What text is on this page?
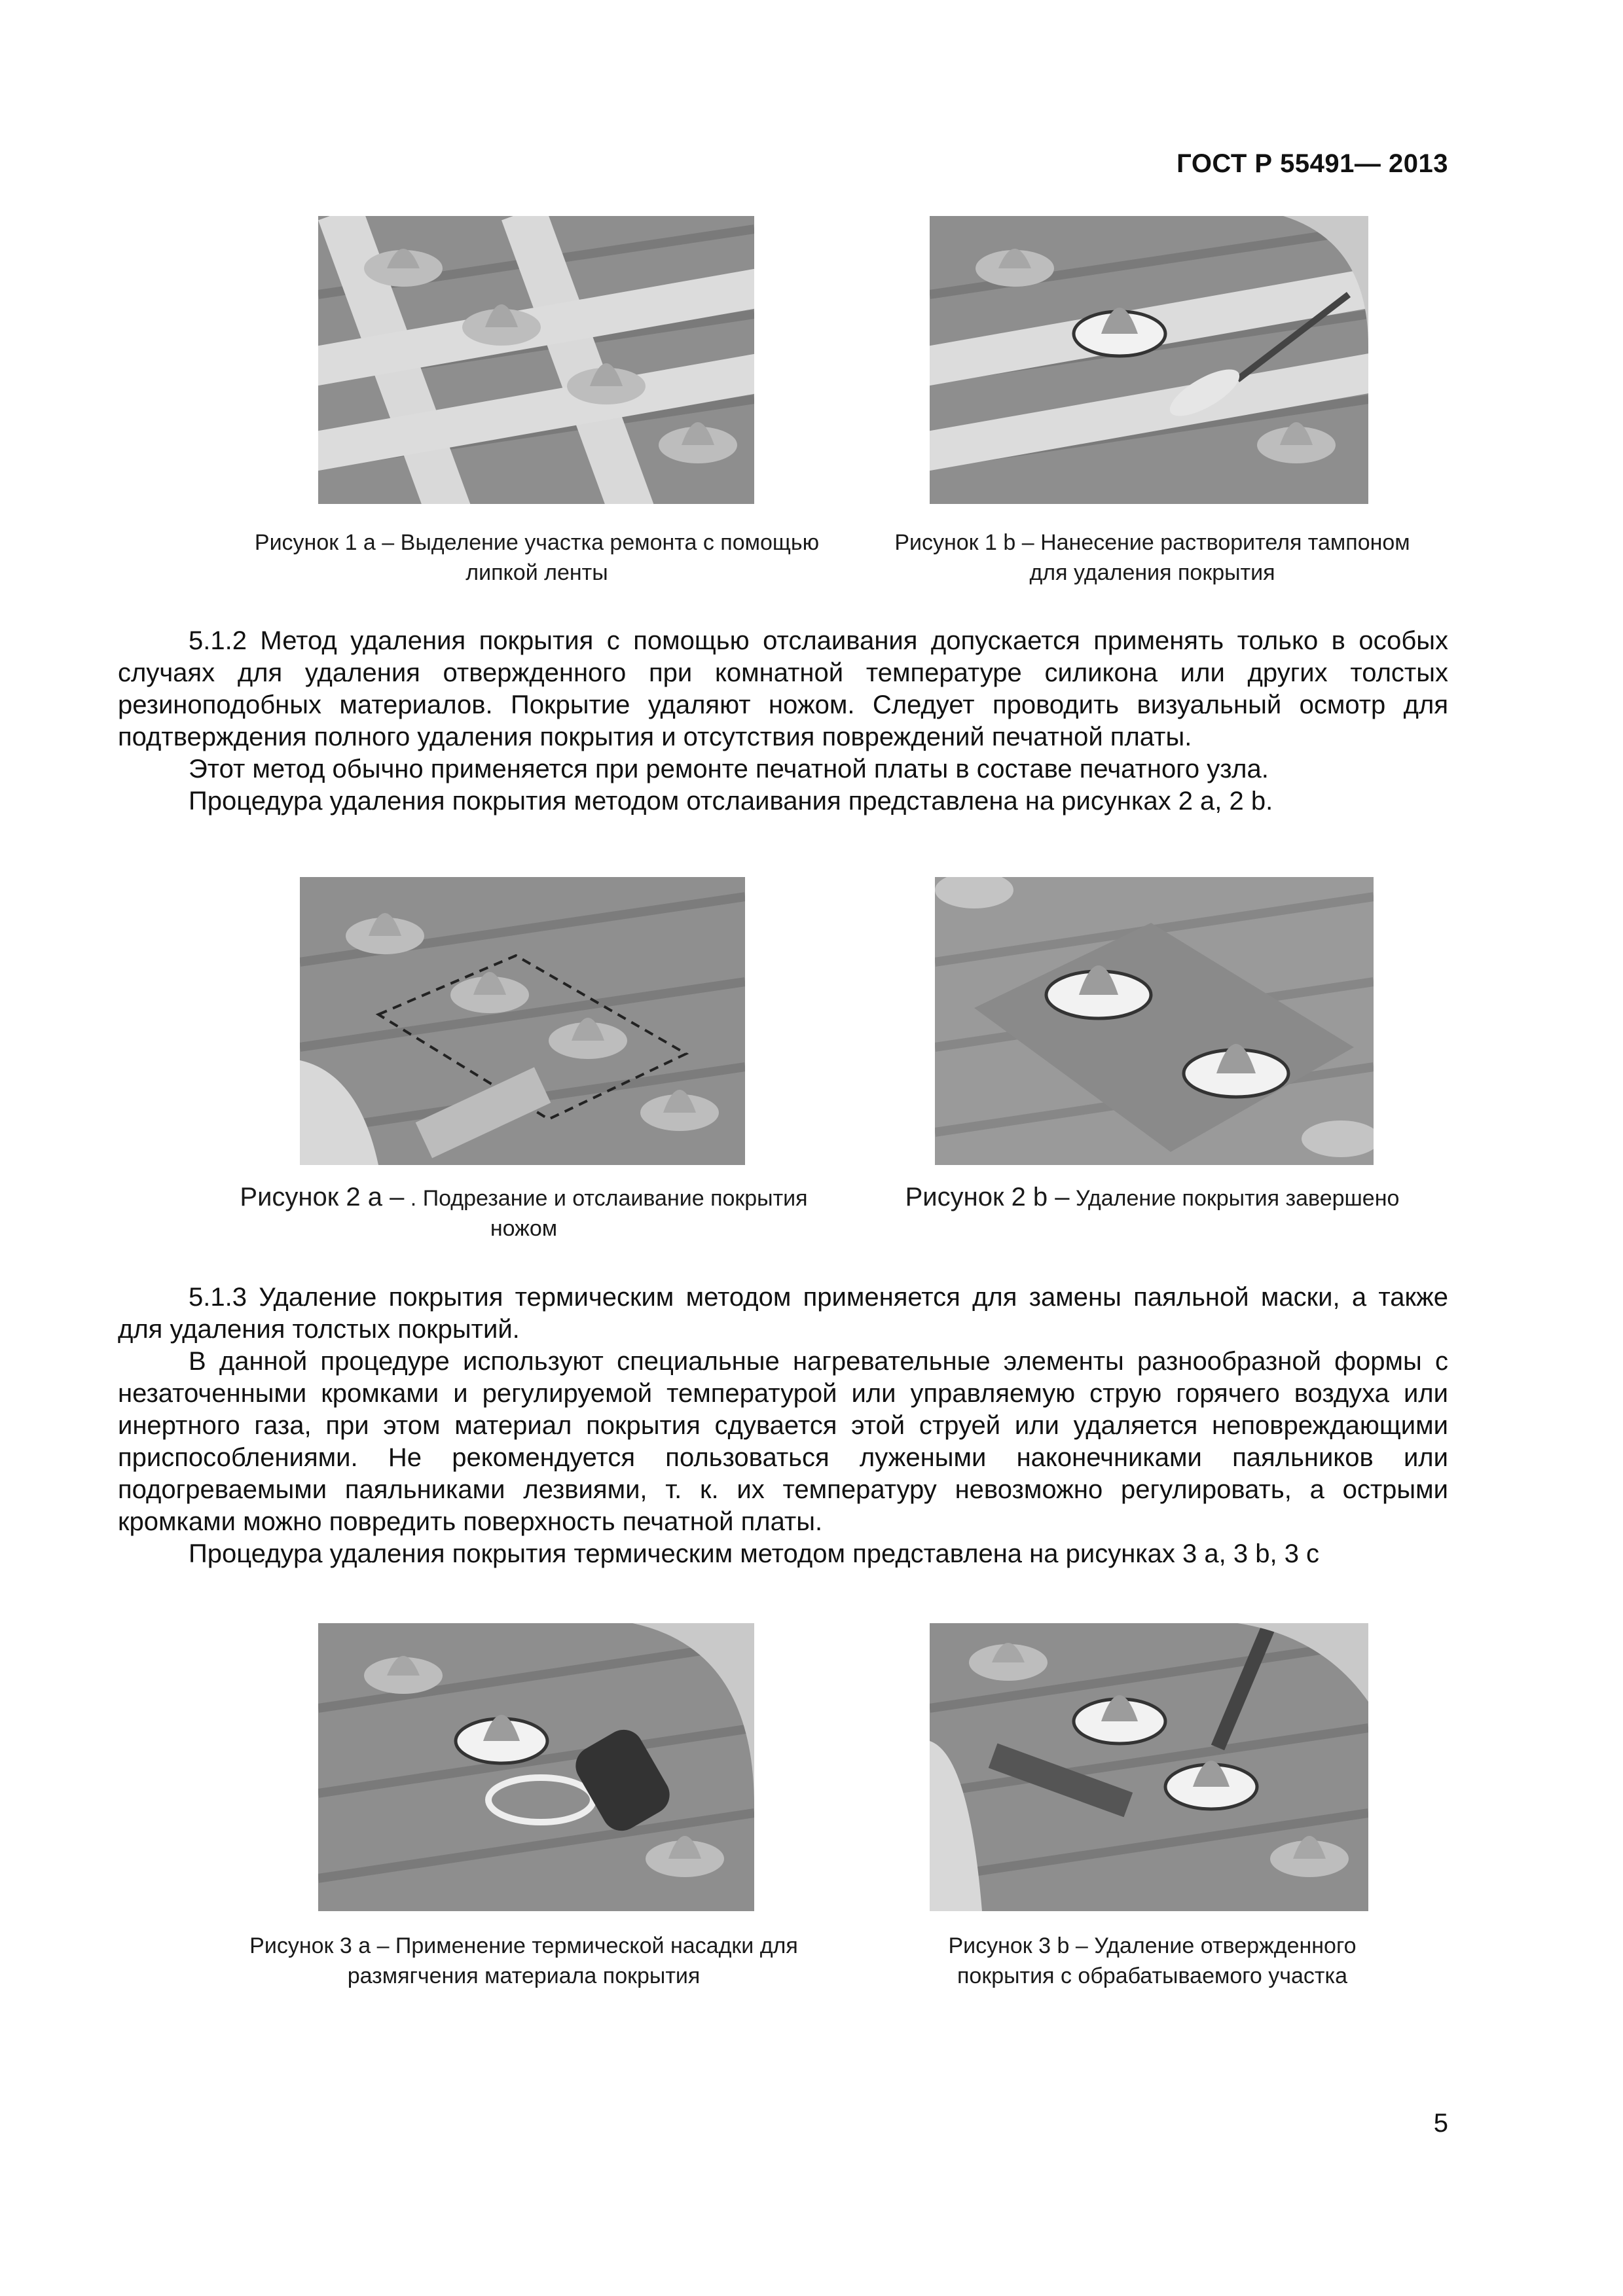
ГОСТ Р 55491— 2013
Рисунок 1 a – Выделение участка ремонта с помощью липкой ленты
Рисунок 1 b – Нанесение растворителя тампоном для удаления покрытия
5.1.2 Метод удаления покрытия с помощью отслаивания допускается применять только в особых случаях для удаления отвержденного при комнатной температуре силикона или других толстых резиноподобных материалов. Покрытие удаляют ножом. Следует проводить визуальный осмотр для подтверждения полного удаления покрытия и отсутствия повреждений печатной платы.
Этот метод обычно применяется при ремонте печатной платы в составе печатного узла.
Процедура удаления покрытия методом отслаивания представлена на рисунках 2 a, 2 b.
Рисунок 2 a – . Подрезание и отслаивание покрытия ножом
Рисунок 2 b – Удаление покрытия завершено
5.1.3 Удаление покрытия термическим методом применяется для замены паяльной маски, а также для удаления толстых покрытий.
В данной процедуре используют специальные нагревательные элементы разнообразной формы с незаточенными кромками и регулируемой температурой или управляемую струю горячего воздуха или инертного газа, при этом материал покрытия сдувается этой струей или удаляется неповреждающими приспособлениями. Не рекомендуется пользоваться лужеными наконечниками паяльников или подогреваемыми паяльниками лезвиями, т. к. их температуру невозможно регулировать, а острыми кромками можно повредить поверхность печатной платы.
Процедура удаления покрытия термическим методом представлена на рисунках 3 а, 3 b, 3 с
Рисунок 3 a – Применение термической насадки для размягчения материала покрытия
Рисунок 3 b – Удаление отвержденного покрытия с обрабатываемого участка
5
